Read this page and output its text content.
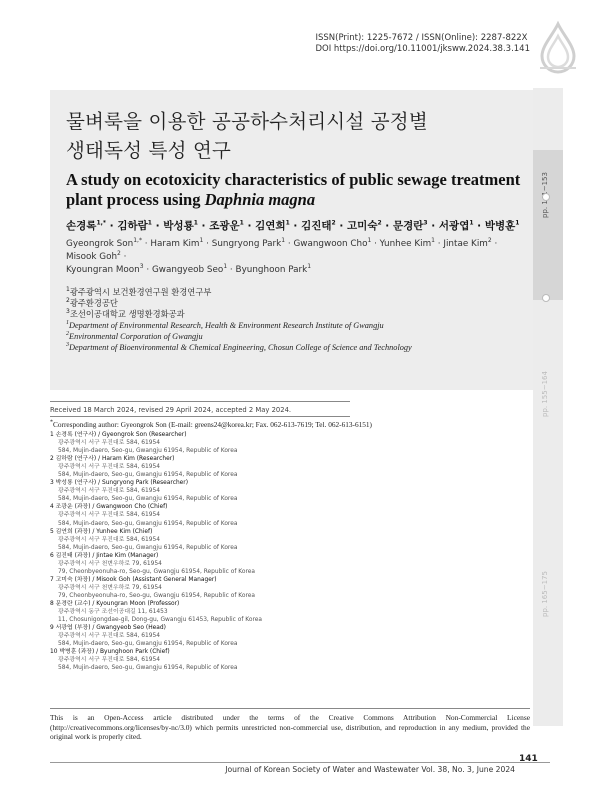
ISSN(Print): 1225-7672 / ISSN(Online): 2287-822X
DOI https://doi.org/10.11001/jksww.2024.38.3.141
pp. 155~164
pp. 165~175
물벼룩을 이용한 공공하수처리시설 공정별
생태독성 특성 연구
A study on ecotoxicity characteristics of public sewage treatment plant process using Daphnia magna
손경록$^{1,*}$ · 김하람$^1$ · 박성룡$^1$ · 조광운$^1$ · 김연희$^1$ · 김진태$^2$ · 고미숙$^2$ · 문경란$^3$ · 서광엽$^1$ · 박병훈$^1$
Gyeongrok Son$^{1,*}$ · Haram Kim$^1$ · Sungryong Park$^1$ · Gwangwoon Cho$^1$ · Yunhee Kim$^1$ · Jintae Kim$^2$ · Misook Goh$^2$ ·
Kyoungran Moon$^3$ · Gwangyeob Seo$^1$ · Byunghoon Park$^1$
$^1$광주광역시 보건환경연구원 환경연구부
$^2$광주환경공단
$^3$조선이공대학교 생명환경화공과
$^1$Department of Environmental Research, Health & Environment Research Institute of Gwangju
$^2$Environmental Corporation of Gwangju
$^3$Department of Bioenvironmental & Chemical Engineering, Chosun College of Science and Technology
Received 18 March 2024, revised 29 April 2024, accepted 2 May 2024.
*Corresponding author: Gyeongrok Son (E-mail: greens24@korea.kr; Fax. 062-613-7619; Tel. 062-613-6151)
1 손경록 (연구사) / Gyeongrok Son (Researcher)
광주광역시 서구 무진대로 584, 61954
584, Mujin-daero, Seo-gu, Gwangju 61954, Republic of Korea
2 김하람 (연구사) / Haram Kim (Researcher)
광주광역시 서구 무진대로 584, 61954
584, Mujin-daero, Seo-gu, Gwangju 61954, Republic of Korea
3 박성룡 (연구사) / Sungryong Park (Researcher)
광주광역시 서구 무진대로 584, 61954
584, Mujin-daero, Seo-gu, Gwangju 61954, Republic of Korea
4 조광운 (과장) / Gwangwoon Cho (Chief)
광주광역시 서구 무진대로 584, 61954
584, Mujin-daero, Seo-gu, Gwangju 61954, Republic of Korea
5 김연희 (과장) / Yunhee Kim (Chief)
광주광역시 서구 무진대로 584, 61954
584, Mujin-daero, Seo-gu, Gwangju 61954, Republic of Korea
6 김진태 (과장) / Jintae Kim (Manager)
광주광역시 서구 천변우하로 79, 61954
79, Cheonbyeonuha-ro, Seo-gu, Gwangju 61954, Republic of Korea
7 고미숙 (차장) / Misook Goh (Assistant General Manager)
광주광역시 서구 천변우하로 79, 61954
79, Cheonbyeonuha-ro, Seo-gu, Gwangju 61954, Republic of Korea
8 문경란 (교수) / Kyoungran Moon (Professor)
광주광역시 동구 조선이공대길 11, 61453
11, Chosunigongdae-gil, Dong-gu, Gwangju 61453, Republic of Korea
9 서광엽 (부장) / Gwangyeob Seo (Head)
광주광역시 서구 무진대로 584, 61954
584, Mujin-daero, Seo-gu, Gwangju 61954, Republic of Korea
10 박병훈 (과장) / Byunghoon Park (Chief)
광주광역시 서구 무진대로 584, 61954
584, Mujin-daero, Seo-gu, Gwangju 61954, Republic of Korea
This is an Open-Access article distributed under the terms of the Creative Commons Attribution Non-Commercial License (http://creativecommons.org/licenses/by-nc/3.0) which permits unrestricted non-commercial use, distribution, and reproduction in any medium, provided the original work is properly cited.
141
Journal of Korean Society of Water and Wastewater Vol. 38, No. 3, June 2024
